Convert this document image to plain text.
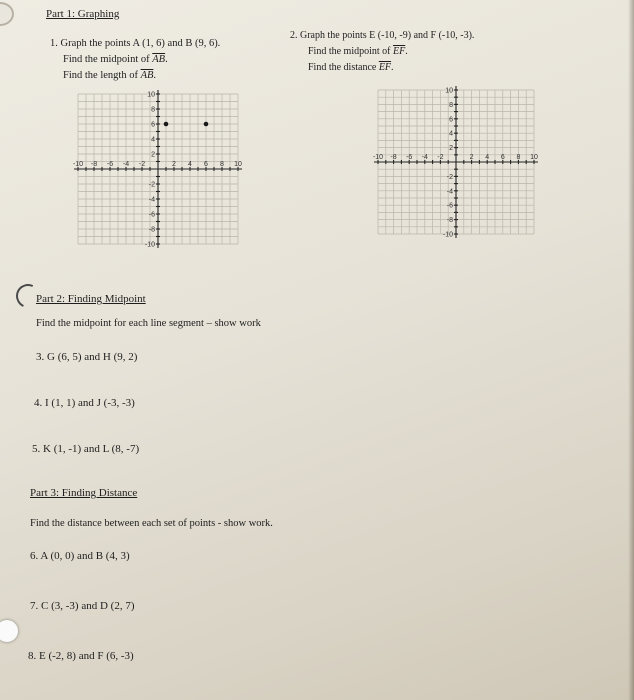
Part 1: Graphing
1. Graph the points A (1, 6) and B (9, 6).
Find the midpoint of $\overline{AB}$.
Find the length of $\overline{AB}$.
2. Graph the points E (-10, -9) and F (-10, -3).
Find the midpoint of $\overline{EF}$.
Find the distance $\overline{EF}$.
10
8
6
4
2
-2
-4
-6
-8
-10
-10 -8 -6 -4 -2	2 4 6 8 10
10
8
6
4
2
-2
-4
-6
-8
-10
-10 -8 -6 -4 -2	2 4 6 8 10
Part 2: Finding Midpoint
Find the midpoint for each line segment – show work
3. G (6, 5) and H (9, 2)
4. I (1, 1) and J (-3, -3)
5. K (1, -1) and L (8, -7)
Part 3: Finding Distance
Find the distance between each set of points - show work.
6. A (0, 0) and B (4, 3)
7. C (3, -3) and D (2, 7)
8. E (-2, 8) and F (6, -3)
